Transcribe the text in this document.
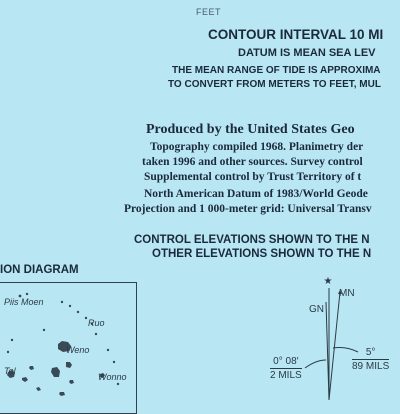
FEET
CONTOUR INTERVAL 10 MI
DATUM IS MEAN SEA LEV
THE MEAN RANGE OF TIDE IS APPROXIMA
TO CONVERT FROM METERS TO FEET, MUL
Produced by the United States Geo
Topography compiled 1968. Planimetry der
taken 1996 and other sources. Survey control
Supplemental control by Trust Territory of t
North American Datum of 1983/World Geode
Projection and 1 000-meter grid: Universal Transv
CONTROL ELEVATIONS SHOWN TO THE N
OTHER ELEVATIONS SHOWN TO THE N
ION DIAGRAM
★
Piis Moen
Ruo
Weno
Tol
Wonno
GN
MN
0° 08′
2 MILS
5°
89 MILS
